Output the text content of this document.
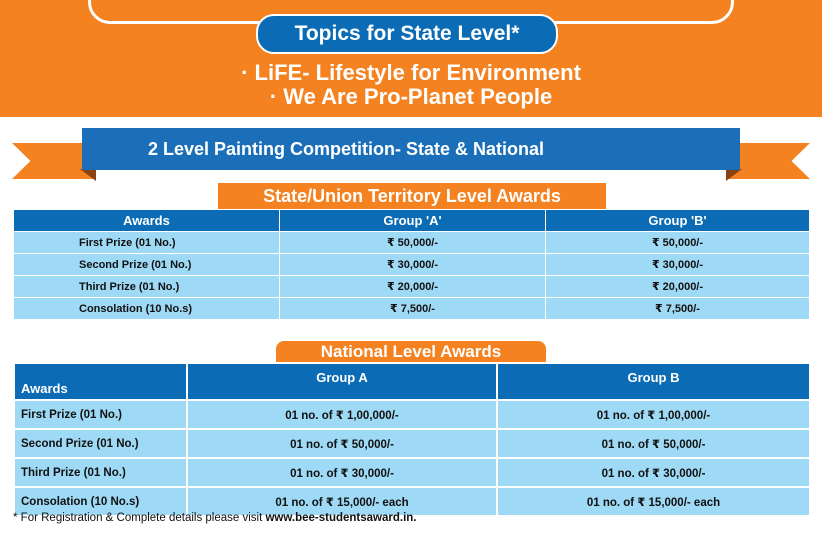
Topics for State Level*
· LiFE- Lifestyle for Environment
· We Are Pro-Planet People
2 Level Painting Competition- State & National
State/Union Territory Level Awards
Awards	Group 'A'	Group 'B'
First Prize (01 No.)	₹ 50,000/-	₹ 50,000/-
Second Prize (01 No.)	₹ 30,000/-	₹ 30,000/-
Third Prize (01 No.)	₹ 20,000/-	₹ 20,000/-
Consolation (10 No.s)	₹ 7,500/-	₹ 7,500/-
National Level Awards
Awards	Group A	Group B
First Prize (01 No.)	01 no. of ₹ 1,00,000/-	01 no. of ₹ 1,00,000/-
Second Prize (01 No.)	01 no. of ₹ 50,000/-	01 no. of ₹ 50,000/-
Third Prize (01 No.)	01 no. of ₹ 30,000/-	01 no. of ₹ 30,000/-
Consolation (10 No.s)	01 no. of ₹ 15,000/- each	01 no. of ₹ 15,000/- each
* For Registration & Complete details please visit www.bee-studentsaward.in.
